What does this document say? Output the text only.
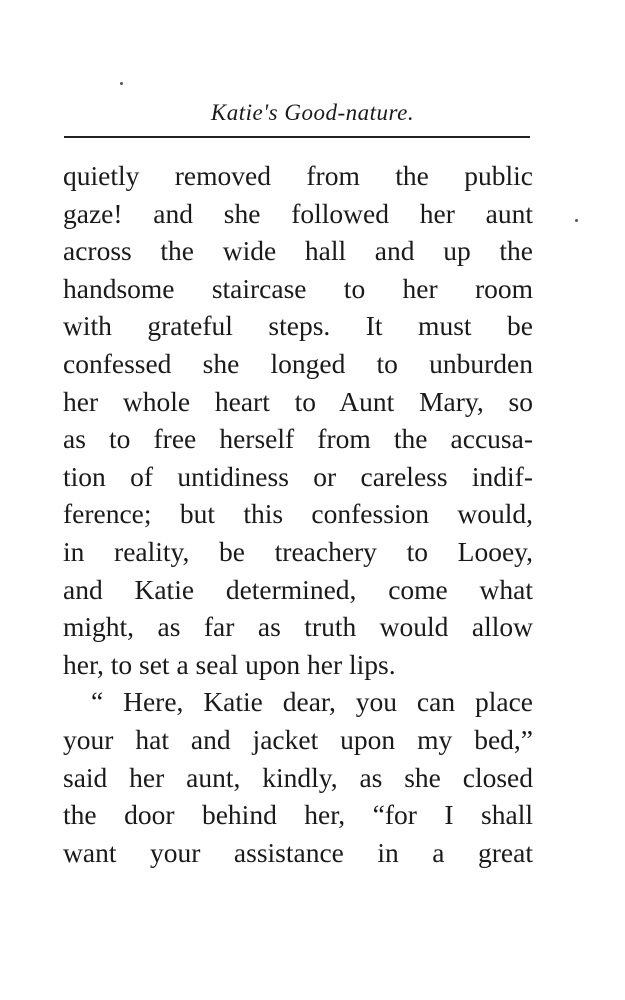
Katie's Good-nature.
quietly removed from the public
gaze! and she followed her aunt
across the wide hall and up the
handsome staircase to her room
with grateful steps. It must be
confessed she longed to unburden
her whole heart to Aunt Mary, so
as to free herself from the accusa-
tion of untidiness or careless indif-
ference; but this confession would,
in reality, be treachery to Looey,
and Katie determined, come what
might, as far as truth would allow
her, to set a seal upon her lips.
“ Here, Katie dear, you can place
your hat and jacket upon my bed,”
said her aunt, kindly, as she closed
the door behind her, “for I shall
want your assistance in a great
